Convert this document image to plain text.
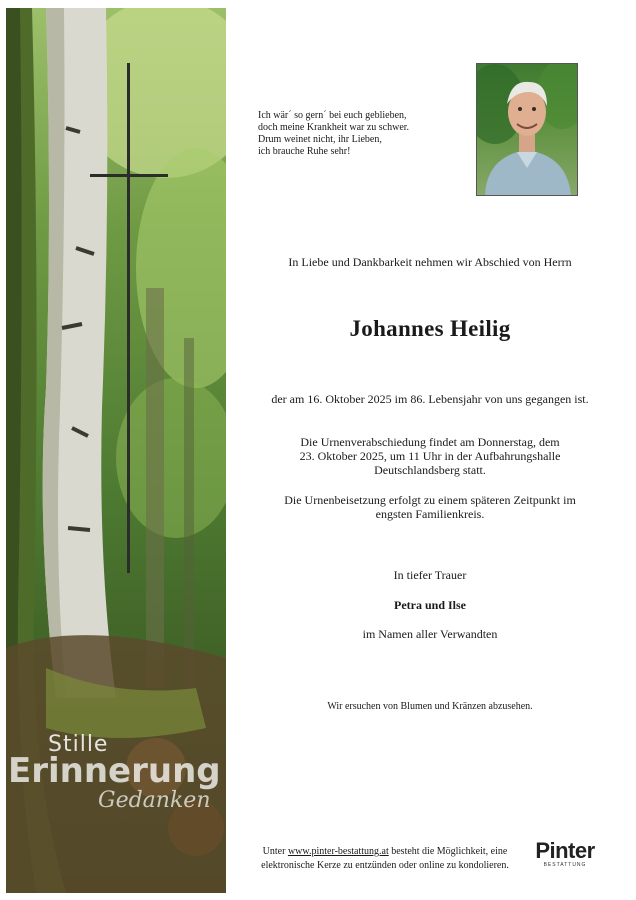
Stille
Erinnerung
Gedanken
Ich wär´ so gern´ bei euch geblieben,
doch meine Krankheit war zu schwer.
Drum weinet nicht, ihr Lieben,
ich brauche Ruhe sehr!
In Liebe und Dankbarkeit nehmen wir Abschied von Herrn
Johannes Heilig
der am 16. Oktober 2025 im 86. Lebensjahr von uns gegangen ist.
Die Urnenverabschiedung findet am Donnerstag, dem
23. Oktober 2025, um 11 Uhr in der Aufbahrungshalle
Deutschlandsberg statt.
Die Urnenbeisetzung erfolgt zu einem späteren Zeitpunkt im
engsten Familienkreis.
In tiefer Trauer
Petra und Ilse
im Namen aller Verwandten
Wir ersuchen von Blumen und Kränzen abzusehen.
Unter www.pinter-bestattung.at besteht die Möglichkeit, eine
elektronische Kerze zu entzünden oder online zu kondolieren.
Pinter
BESTATTUNG
